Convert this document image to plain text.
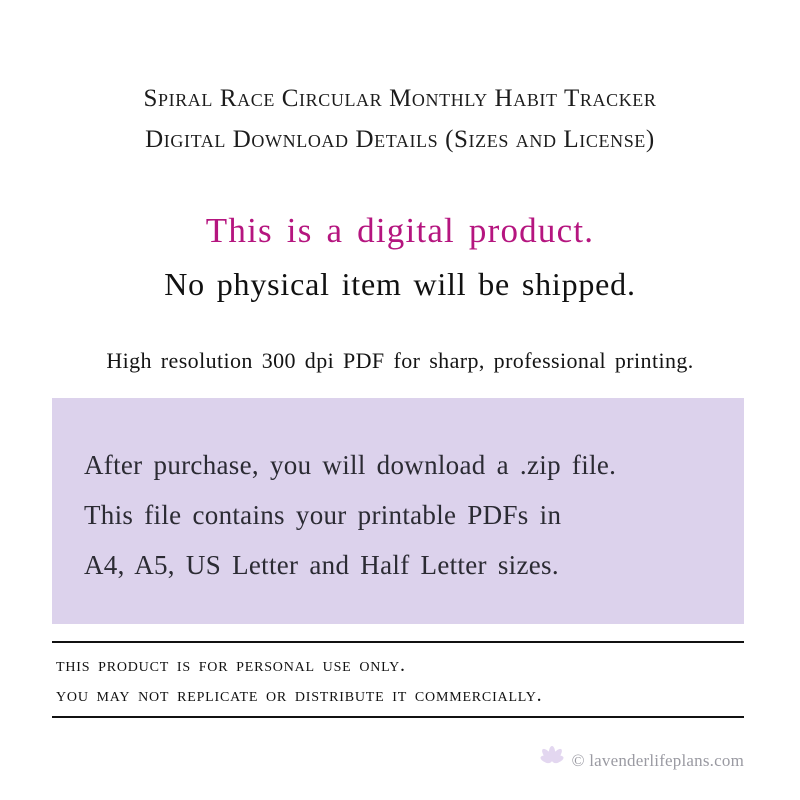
Spiral Race Circular Monthly Habit Tracker
Digital Download Details (Sizes and License)
This is a digital product.
No physical item will be shipped.
High resolution 300 dpi PDF for sharp, professional printing.
After purchase, you will download a .zip file.
This file contains your printable PDFs in
A4, A5, US Letter and Half Letter sizes.
this product is for personal use only.
you may not replicate or distribute it commercially.
© lavenderlifeplans.com
